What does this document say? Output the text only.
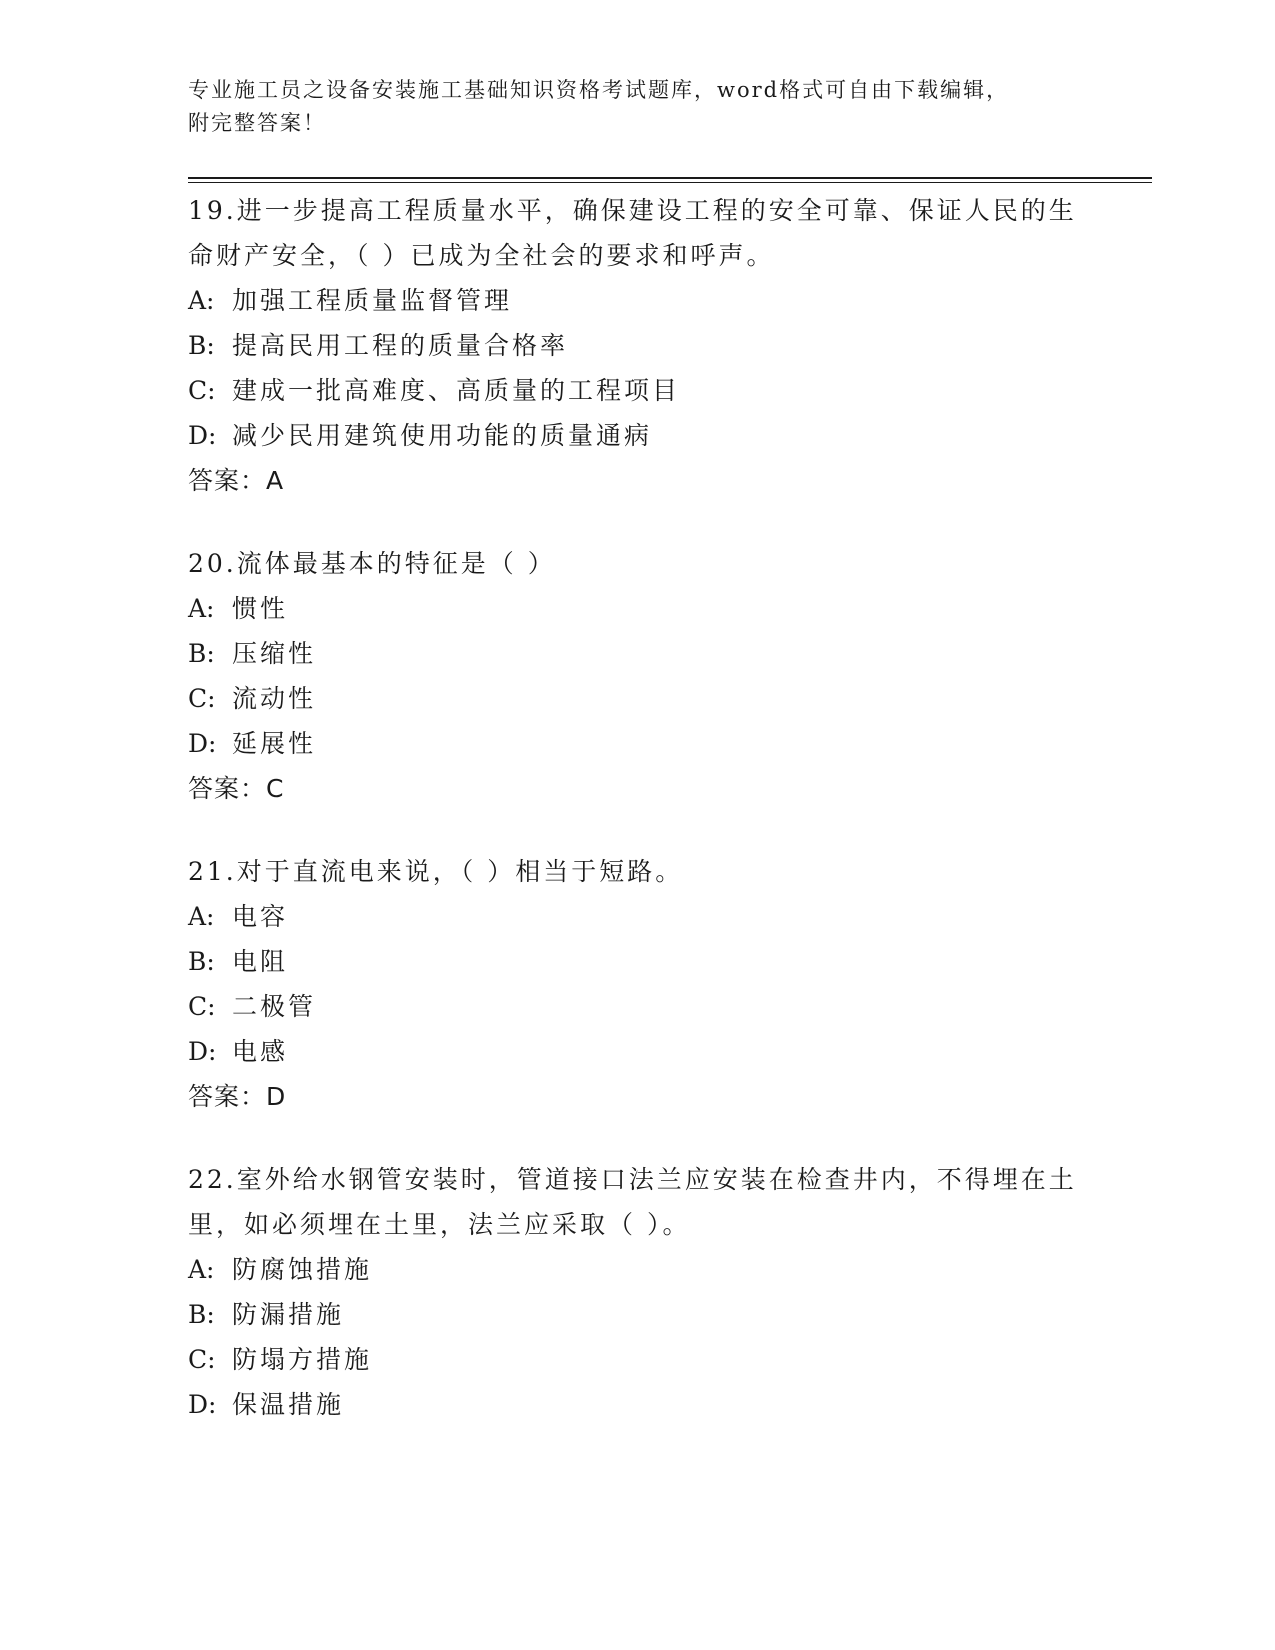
专业施工员之设备安装施工基础知识资格考试题库，word格式可自由下载编辑，
附完整答案！

19.进一步提高工程质量水平，确保建设工程的安全可靠、保证人民的生命财产安全，（ ）已成为全社会的要求和呼声。

A: 加强工程质量监督管理

B: 提高民用工程的质量合格率

C: 建成一批高难度、高质量的工程项目

D: 减少民用建筑使用功能的质量通病

答案：A

20.流体最基本的特征是（ ）

A: 惯性

B: 压缩性

C: 流动性

D: 延展性

答案：C

21.对于直流电来说，（ ）相当于短路。

A: 电容

B: 电阻

C: 二极管

D: 电感

答案：D

22.室外给水钢管安装时，管道接口法兰应安装在检查井内，不得埋在土里，如必须埋在土里，法兰应采取（ ）。

A: 防腐蚀措施

B: 防漏措施

C: 防塌方措施

D: 保温措施
